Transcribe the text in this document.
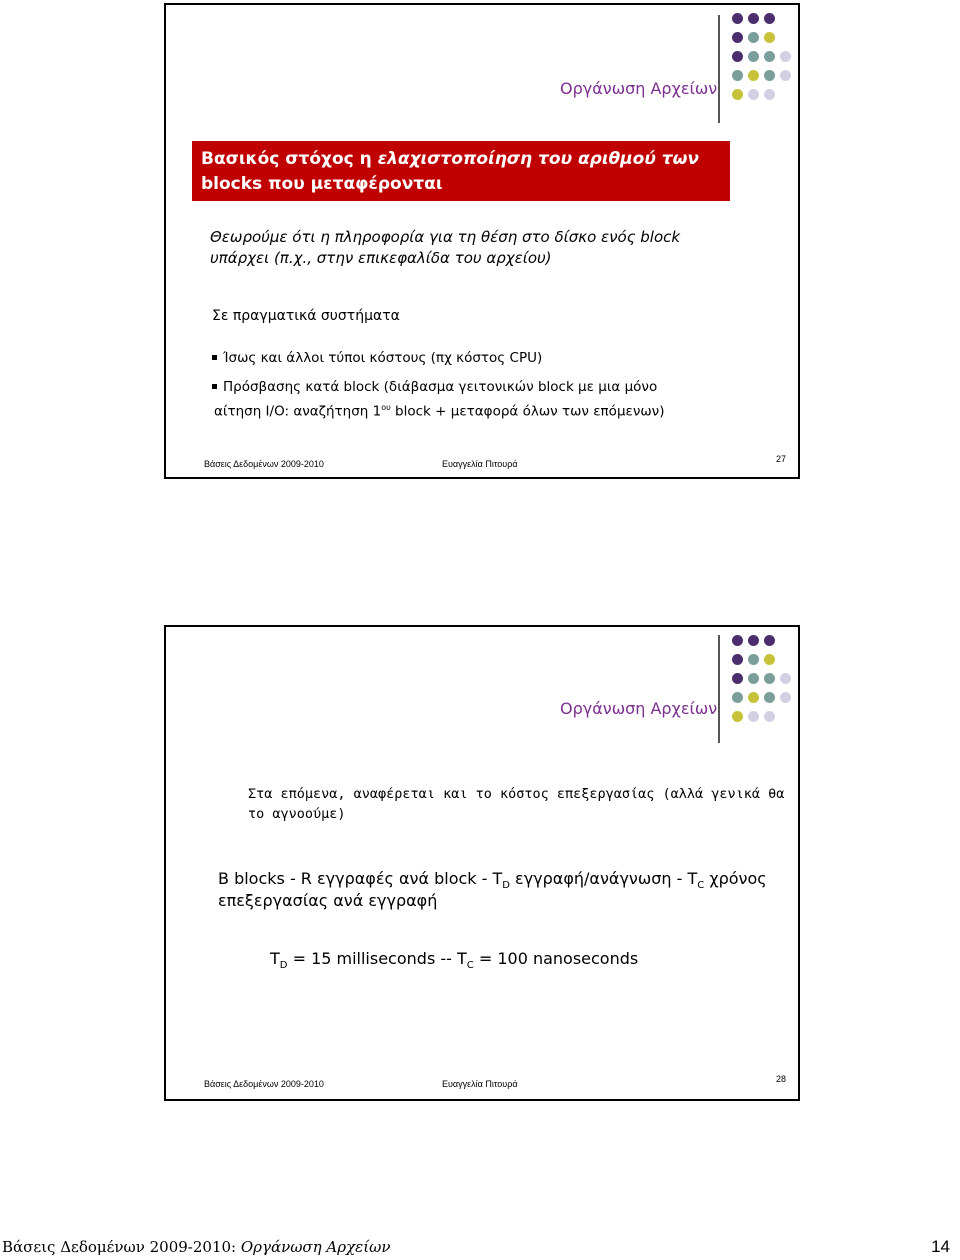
Οργάνωση Αρχείων
Βασικός στόχος η ελαχιστοποίηση του αριθμού των
blocks που μεταφέρονται
Θεωρούμε ότι η πληροφορία για τη θέση στο δίσκο ενός block
υπάρχει (π.χ., στην επικεφαλίδα του αρχείου)
Σε πραγματικά συστήματα
Ίσως και άλλοι τύποι κόστους (πχ κόστος CPU)
Πρόσβασης κατά block (διάβασμα γειτονικών block με μια μόνο
αίτηση I/O: αναζήτηση $1^{o\upsilon}$ block + μεταφορά όλων των επόμενων)
Βάσεις Δεδομένων 2009-2010	Ευαγγελία Πιτουρά	27
Οργάνωση Αρχείων
Στα επόμενα, αναφέρεται και το κόστος επεξεργασίας (αλλά γενικά θα
το αγνοούμε)
B blocks - R εγγραφές ανά block - $T_D$ $\varepsilon\gamma\gamma\rho\alpha\varphi ή/\alpha\nu ά\gamma\nu\omega\sigma\eta - T_C$ χρόνος
επεξεργασίας ανά εγγραφή
$T_D = 15$ milliseconds -- $T_C = 100$ nanoseconds
Βάσεις Δεδομένων 2009-2010	Ευαγγελία Πιτουρά	28
Βάσεις Δεδομένων 2009-2010: Οργάνωση Αρχείων	14
